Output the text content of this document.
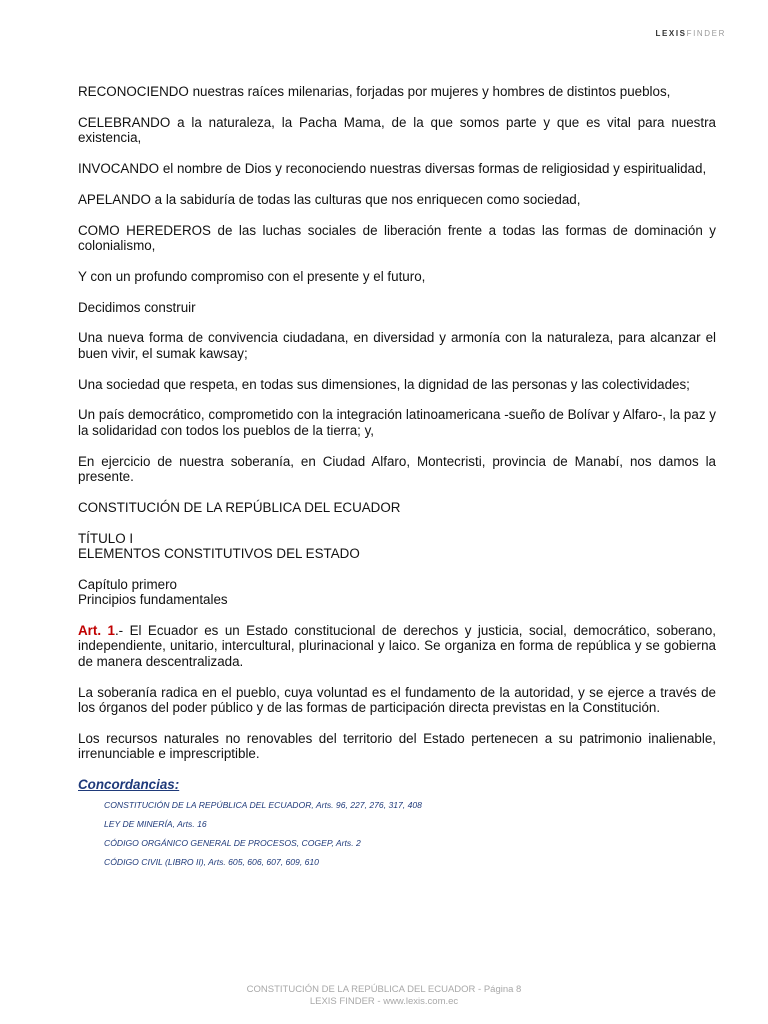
LEXISFINDER

RECONOCIENDO nuestras raíces milenarias, forjadas por mujeres y hombres de distintos pueblos,

CELEBRANDO a la naturaleza, la Pacha Mama, de la que somos parte y que es vital para nuestra existencia,

INVOCANDO el nombre de Dios y reconociendo nuestras diversas formas de religiosidad y espiritualidad,

APELANDO a la sabiduría de todas las culturas que nos enriquecen como sociedad,

COMO HEREDEROS de las luchas sociales de liberación frente a todas las formas de dominación y colonialismo,

Y con un profundo compromiso con el presente y el futuro,

Decidimos construir

Una nueva forma de convivencia ciudadana, en diversidad y armonía con la naturaleza, para alcanzar el buen vivir, el sumak kawsay;

Una sociedad que respeta, en todas sus dimensiones, la dignidad de las personas y las colectividades;

Un país democrático, comprometido con la integración latinoamericana -sueño de Bolívar y Alfaro-, la paz y la solidaridad con todos los pueblos de la tierra; y,

En ejercicio de nuestra soberanía, en Ciudad Alfaro, Montecristi, provincia de Manabí, nos damos la presente.

CONSTITUCIÓN DE LA REPÚBLICA DEL ECUADOR

TÍTULO I

ELEMENTOS CONSTITUTIVOS DEL ESTADO

Capítulo primero

Principios fundamentales

Art. 1.- El Ecuador es un Estado constitucional de derechos y justicia, social, democrático, soberano, independiente, unitario, intercultural, plurinacional y laico. Se organiza en forma de república y se gobierna de manera descentralizada.

La soberanía radica en el pueblo, cuya voluntad es el fundamento de la autoridad, y se ejerce a través de los órganos del poder público y de las formas de participación directa previstas en la Constitución.

Los recursos naturales no renovables del territorio del Estado pertenecen a su patrimonio inalienable, irrenunciable e imprescriptible.

Concordancias:
CONSTITUCIÓN DE LA REPÚBLICA DEL ECUADOR, Arts. 96, 227, 276, 317, 408
LEY DE MINERÍA, Arts. 16
CÓDIGO ORGÁNICO GENERAL DE PROCESOS, COGEP, Arts. 2
CÓDIGO CIVIL (LIBRO II), Arts. 605, 606, 607, 609, 610
CONSTITUCIÓN DE LA REPÚBLICA DEL ECUADOR - Página 8
LEXIS FINDER - www.lexis.com.ec
